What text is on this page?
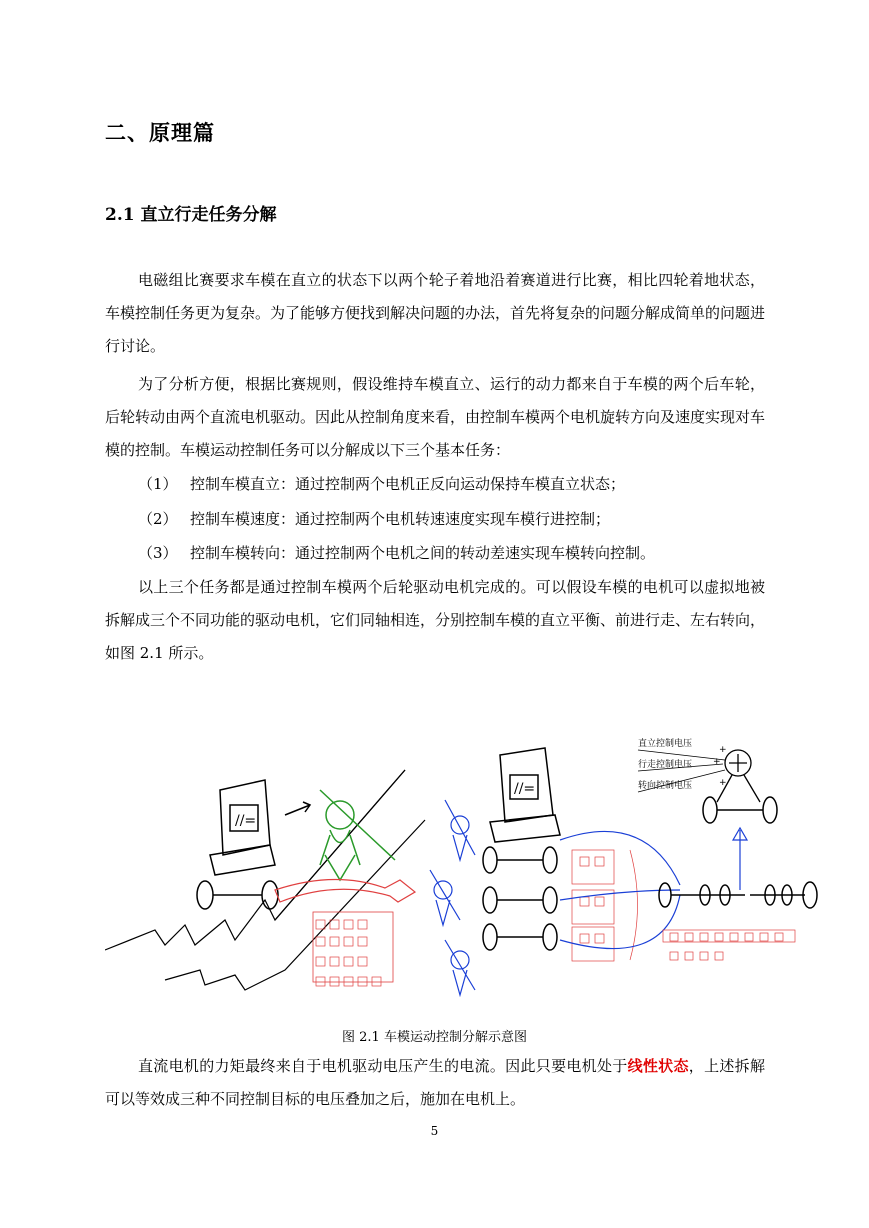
二、原理篇
2.1 直立行走任务分解

电磁组比赛要求车模在直立的状态下以两个轮子着地沿着赛道进行比赛，相比四轮着地状态，车模控制任务更为复杂。为了能够方便找到解决问题的办法，首先将复杂的问题分解成简单的问题进行讨论。

为了分析方便，根据比赛规则，假设维持车模直立、运行的动力都来自于车模的两个后车轮，后轮转动由两个直流电机驱动。因此从控制角度来看，由控制车模两个电机旋转方向及速度实现对车模的控制。车模运动控制任务可以分解成以下三个基本任务：

（1） 控制车模直立：通过控制两个电机正反向运动保持车模直立状态；
（2） 控制车模速度：通过控制两个电机转速速度实现车模行进控制；
（3） 控制车模转向：通过控制两个电机之间的转动差速实现车模转向控制。

以上三个任务都是通过控制车模两个后轮驱动电机完成的。可以假设车模的电机可以虚拟地被拆解成三个不同功能的驱动电机，它们同轴相连，分别控制车模的直立平衡、前进行走、左右转向，如图 2.1 所示。

//=
//=
直立控制电压
行走控制电压
转向控制电压
+
+
+
图 2.1 车模运动控制分解示意图

直流电机的力矩最终来自于电机驱动电压产生的电流。因此只要电机处于线性状态，上述拆解可以等效成三种不同控制目标的电压叠加之后，施加在电机上。

5
